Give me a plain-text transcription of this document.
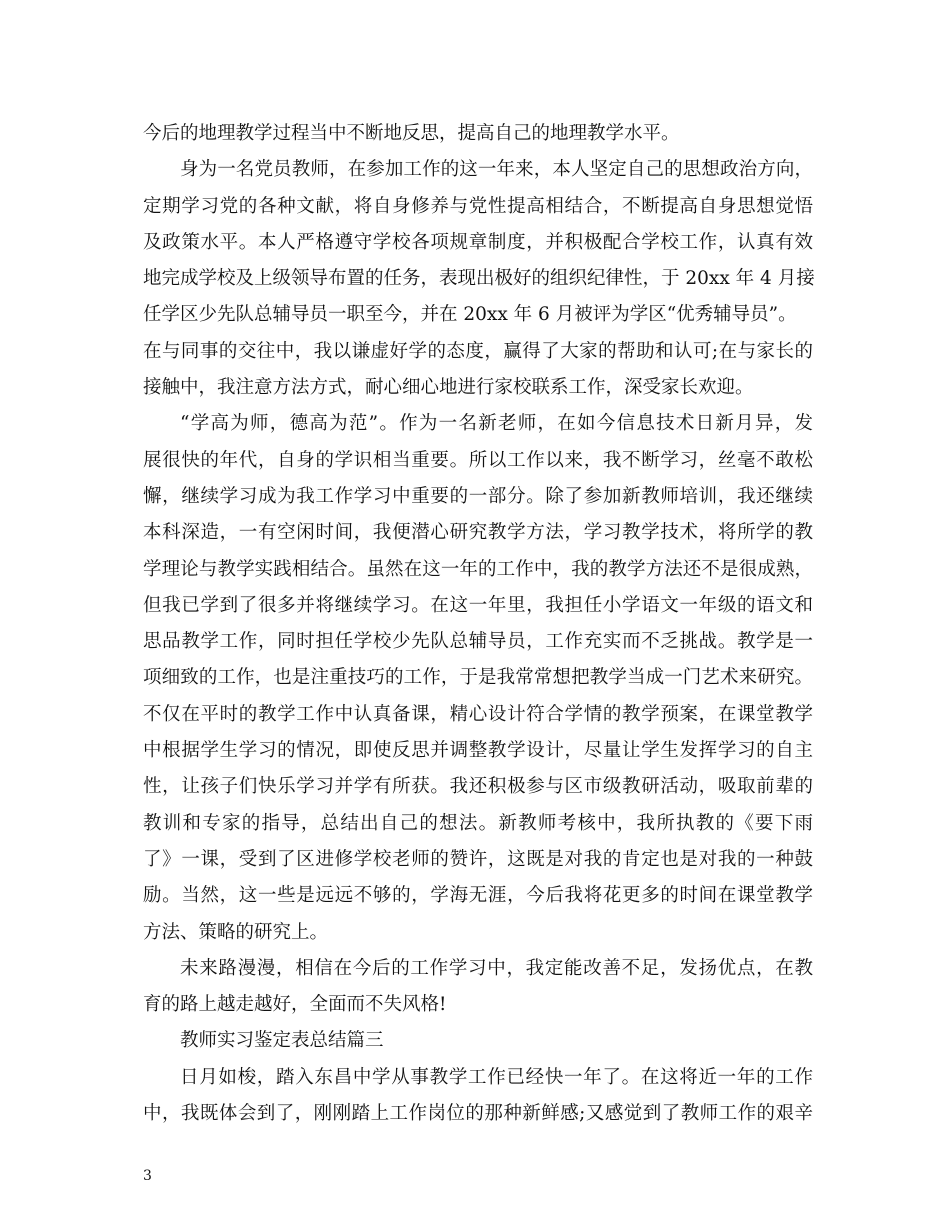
今后的地理教学过程当中不断地反思，提高自己的地理教学水平。
身为一名党员教师，在参加工作的这一年来，本人坚定自己的思想政治方向，
定期学习党的各种文献，将自身修养与党性提高相结合，不断提高自身思想觉悟
及政策水平。本人严格遵守学校各项规章制度，并积极配合学校工作，认真有效
地完成学校及上级领导布置的任务，表现出极好的组织纪律性，于 20xx 年 4 月接
任学区少先队总辅导员一职至今，并在 20xx 年 6 月被评为学区“优秀辅导员”。
在与同事的交往中，我以谦虚好学的态度，赢得了大家的帮助和认可;在与家长的
接触中，我注意方法方式，耐心细心地进行家校联系工作，深受家长欢迎。
“学高为师，德高为范”。作为一名新老师，在如今信息技术日新月异，发
展很快的年代，自身的学识相当重要。所以工作以来，我不断学习，丝毫不敢松
懈，继续学习成为我工作学习中重要的一部分。除了参加新教师培训，我还继续
本科深造，一有空闲时间，我便潜心研究教学方法，学习教学技术，将所学的教
学理论与教学实践相结合。虽然在这一年的工作中，我的教学方法还不是很成熟，
但我已学到了很多并将继续学习。在这一年里，我担任小学语文一年级的语文和
思品教学工作，同时担任学校少先队总辅导员，工作充实而不乏挑战。教学是一
项细致的工作，也是注重技巧的工作，于是我常常想把教学当成一门艺术来研究。
不仅在平时的教学工作中认真备课，精心设计符合学情的教学预案，在课堂教学
中根据学生学习的情况，即使反思并调整教学设计，尽量让学生发挥学习的自主
性，让孩子们快乐学习并学有所获。我还积极参与区市级教研活动，吸取前辈的
教训和专家的指导，总结出自己的想法。新教师考核中，我所执教的《要下雨
了》一课，受到了区进修学校老师的赞许，这既是对我的肯定也是对我的一种鼓
励。当然，这一些是远远不够的，学海无涯，今后我将花更多的时间在课堂教学
方法、策略的研究上。
未来路漫漫，相信在今后的工作学习中，我定能改善不足，发扬优点，在教
育的路上越走越好，全面而不失风格!
教师实习鉴定表总结篇三
日月如梭，踏入东昌中学从事教学工作已经快一年了。在这将近一年的工作
中，我既体会到了，刚刚踏上工作岗位的那种新鲜感;又感觉到了教师工作的艰辛
3
